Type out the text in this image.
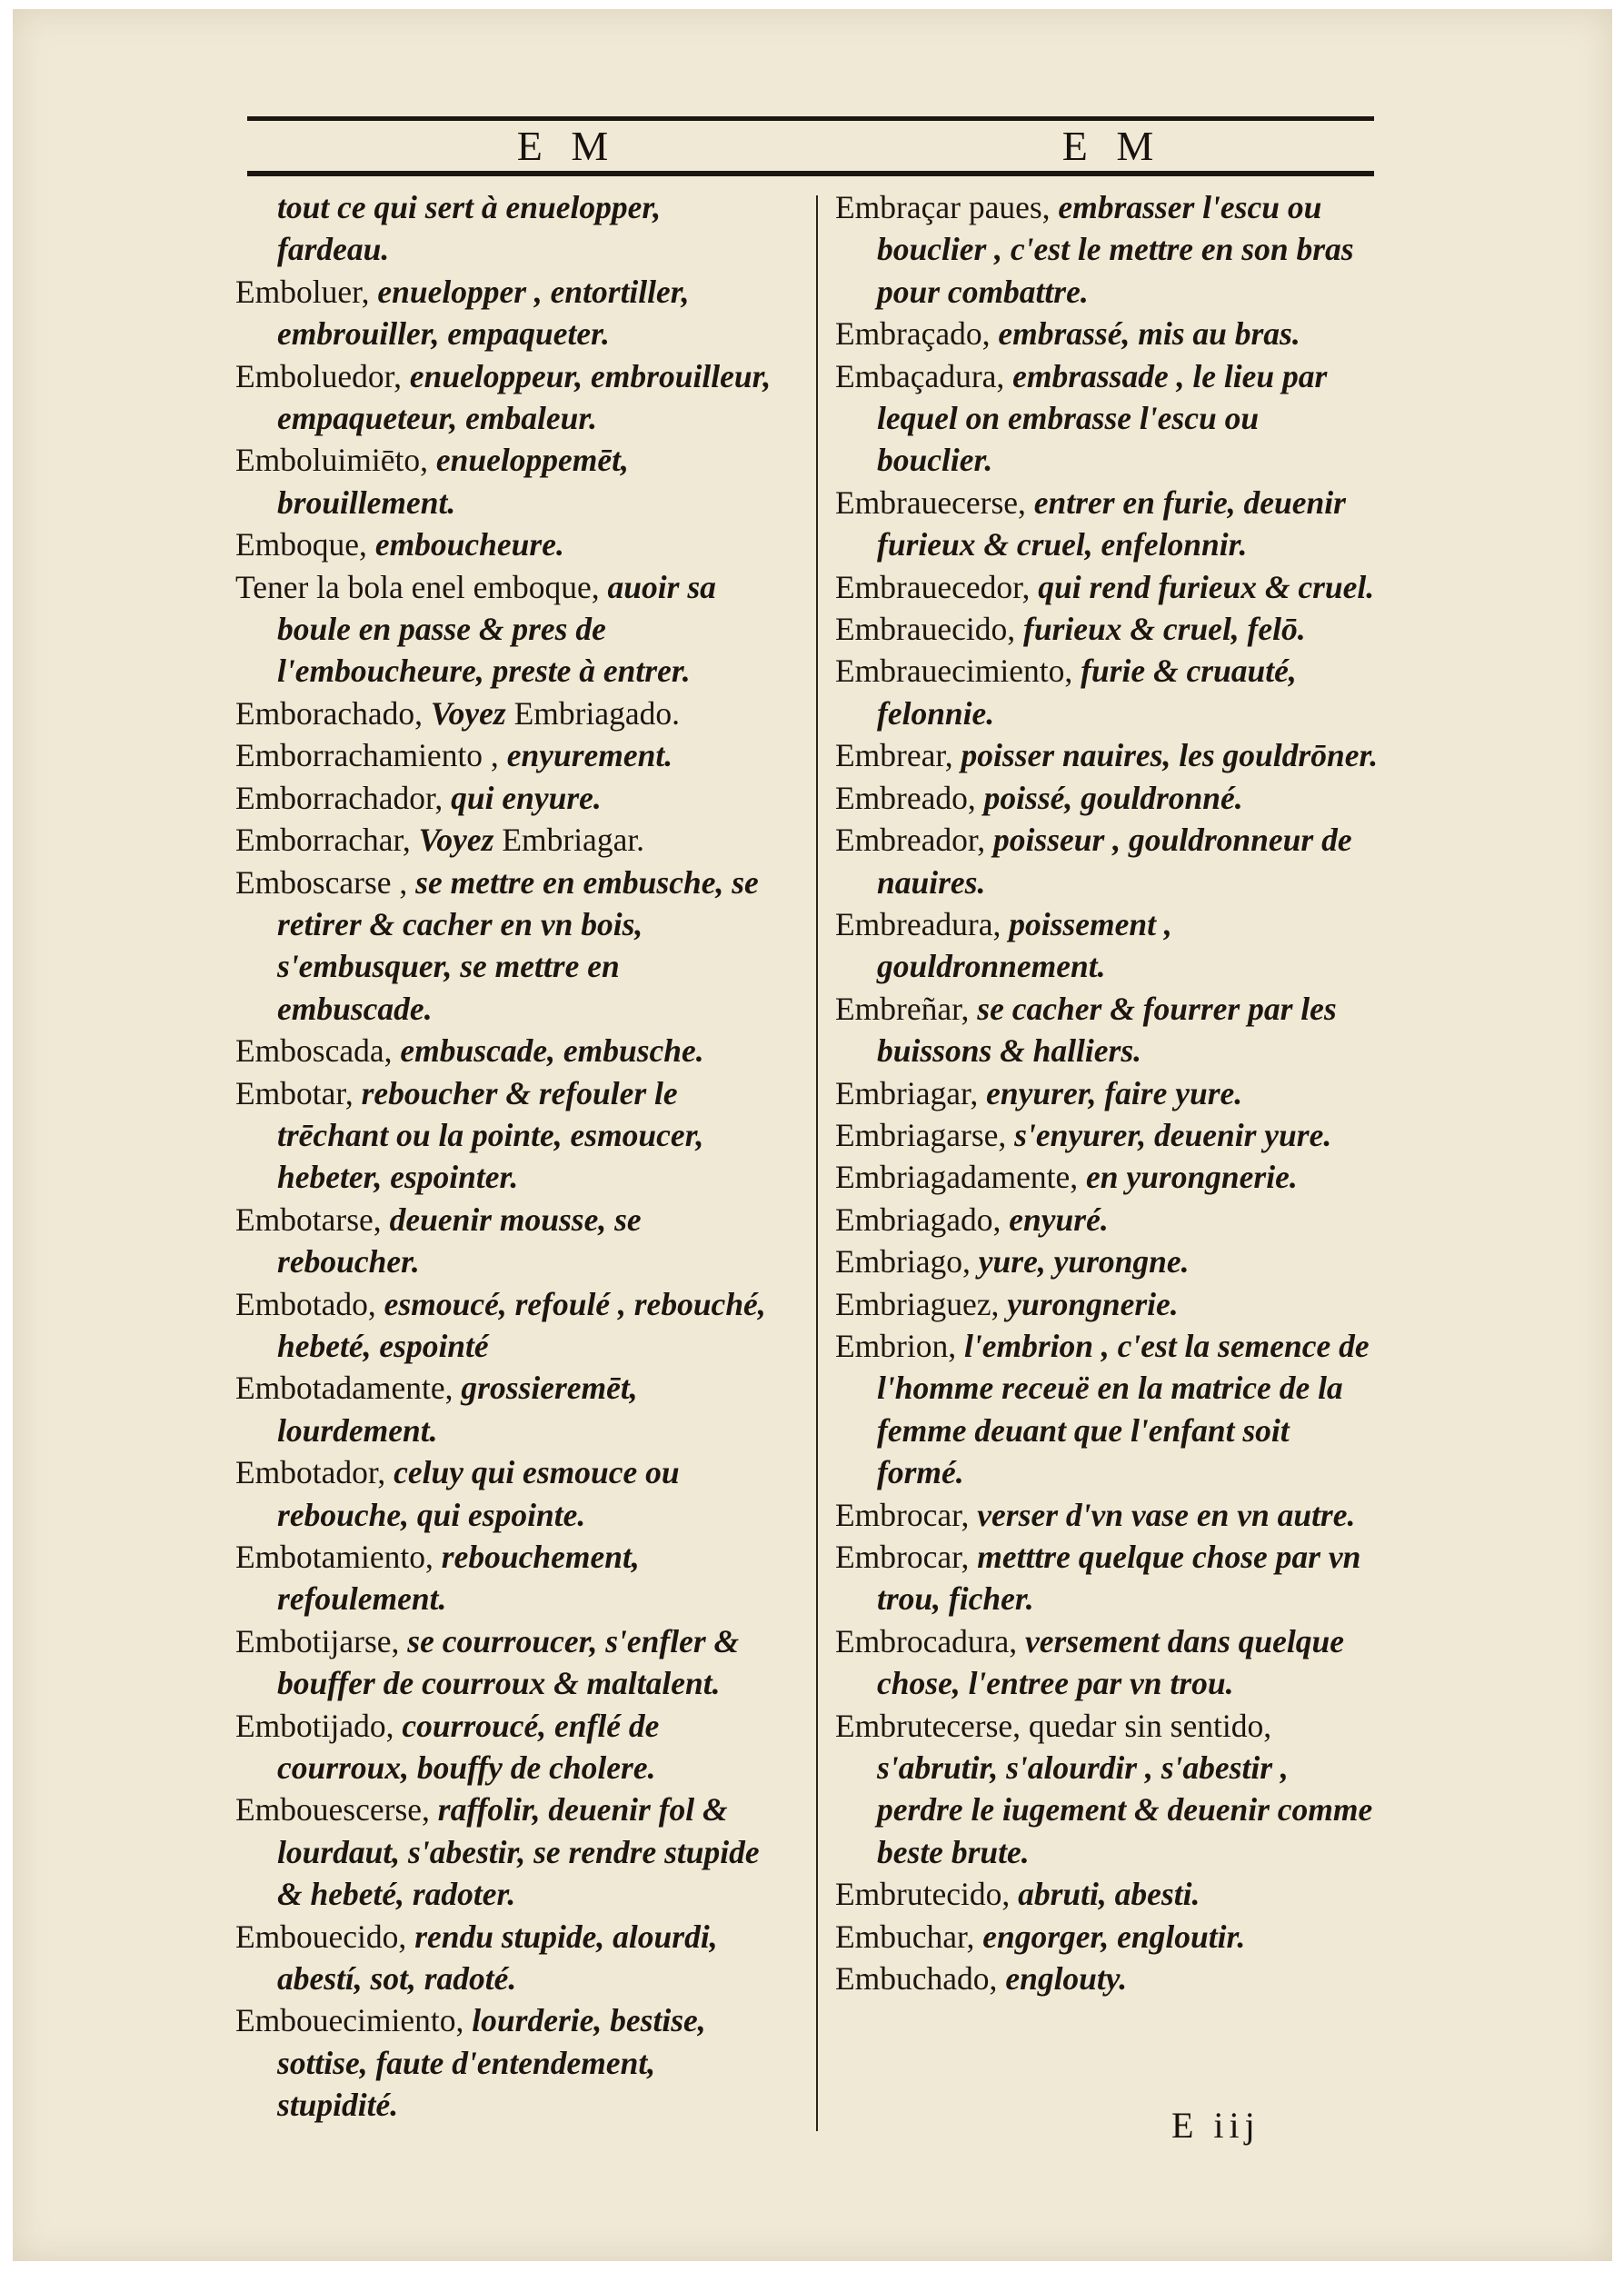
E M	E M
tout ce qui sert à enuelopper, fardeau.
Emboluer, enuelopper , entortiller, embrouiller, empaqueter.
Emboluedor, enueloppeur, embrouilleur, empaqueteur, embaleur.
Emboluimiēto, enueloppemēt, brouillement.
Emboque, emboucheure.
Tener la bola enel emboque, auoir sa boule en passe & pres de l'emboucheure, preste à entrer.
Emborachado, Voyez Embriagado.
Emborrachamiento , enyurement.
Emborrachador, qui enyure.
Emborrachar, Voyez Embriagar.
Emboscarse , se mettre en embusche, se retirer & cacher en vn bois, s'embusquer, se mettre en embuscade.
Emboscada, embuscade, embusche.
Embotar, reboucher & refouler le trēchant ou la pointe, esmoucer, hebeter, espointer.
Embotarse, deuenir mousse, se reboucher.
Embotado, esmoucé, refoulé , rebouché, hebeté, espointé
Embotadamente, grossieremēt, lourdement.
Embotador, celuy qui esmouce ou rebouche, qui espointe.
Embotamiento, rebouchement, refoulement.
Embotijarse, se courroucer, s'enfler & bouffer de courroux & maltalent.
Embotijado, courroucé, enflé de courroux, bouffy de cholere.
Embouescerse, raffolir, deuenir fol & lourdaut, s'abestir, se rendre stupide & hebeté, radoter.
Embouecido, rendu stupide, alourdi, abestí, sot, radoté.
Embouecimiento, lourderie, bestise, sottise, faute d'entendement, stupidité.
Embraçar paues, embrasser l'escu ou bouclier , c'est le mettre en son bras pour combattre.
Embraçado, embrassé, mis au bras.
Embaçadura, embrassade , le lieu par lequel on embrasse l'escu ou bouclier.
Embrauecerse, entrer en furie, deuenir furieux & cruel, enfelonnir.
Embrauecedor, qui rend furieux & cruel.
Embrauecido, furieux & cruel, felō.
Embrauecimiento, furie & cruauté, felonnie.
Embrear, poisser nauires, les gouldrōner.
Embreado, poissé, gouldronné.
Embreador, poisseur , gouldronneur de nauires.
Embreadura, poissement , gouldronnement.
Embreñar, se cacher & fourrer par les buissons & halliers.
Embriagar, enyurer, faire yure.
Embriagarse, s'enyurer, deuenir yure.
Embriagadamente, en yurongnerie.
Embriagado, enyuré.
Embriago, yure, yurongne.
Embriaguez, yurongnerie.
Embrion, l'embrion , c'est la semence de l'homme receuë en la matrice de la femme deuant que l'enfant soit formé.
Embrocar, verser d'vn vase en vn autre.
Embrocar, metttre quelque chose par vn trou, ficher.
Embrocadura, versement dans quelque chose, l'entree par vn trou.
Embrutecerse, quedar sin sentido, s'abrutir, s'alourdir , s'abestir , perdre le iugement & deuenir comme beste brute.
Embrutecido, abruti, abesti.
Embuchar, engorger, engloutir.
Embuchado, englouty.
E iij
